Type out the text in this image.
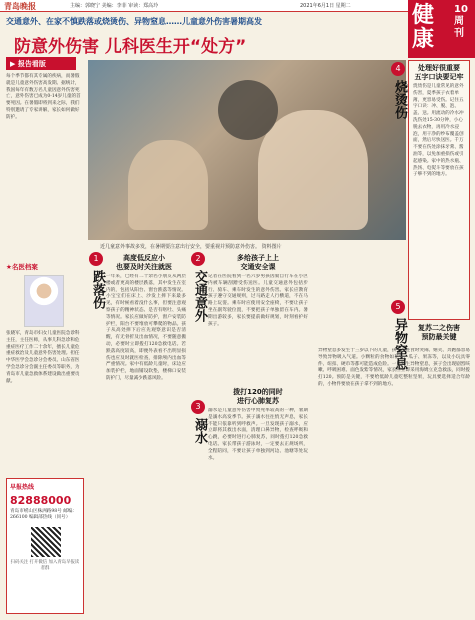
青岛晚报	主编：郭晓宁 美编：李菲 审读：郑高玲	2021年6月1日 星期二	健康
10 周刊
交通意外、在家不慎跌落或烧烫伤、异物窒息……儿童意外伤害暑期高发
防意外伤害 儿科医生开“处方”
▶ 报告看版
每个季节都有其专属的疾病，而暑假就是儿童意外伤害高发期。据统计，我国每年有数万名儿童因意外伤害死亡，意外伤害已成为0-14岁儿童的首要死因。在暑假即将到来之际，我们特别邀请了专家讲解，家长如何做好防护。
近几童意外事故多发，在暑期要注意出行安全，要重视并预防意外伤害。 资料图片
★名医档案
张晓军，青岛市妇女儿童医院急诊科主任，主任医师，从事儿科急诊和危重症医疗工作二十余年，擅长儿童危重症救治及儿童意外伤害处理。担任中华医学会急诊分会委员、山东省医学会急诊分会副主任委员等职务，为青岛市儿童急救体系建设做出重要贡献。
早报热线
82888000
青岛市崂山区株洲路98号 邮编：266100 编辑部热线（同号）
扫码关注 打开微信 加入青岛早报读者群
1
跌落伤
高度低反应小
也要及时关注就医
一年来，已经有二十余名小朋友从两层楼或者更高的楼层跌落，其中发生在室内的，包括从阳台、窗台跌落等情况。小宝宝们在床上、沙发上摔下来最多见，有时候看着没什么事，但要注意观察孩子的精神状态、是否有呕吐、头痛等情况。家长应做好防护，窗户安装防护栏，阳台不要堆放可攀爬的物品。孩子从高处摔下后应先观察意识是否清醒，有无骨折及出血情况，不要随意搬动，必要时立即拨打120急救电话。若跌落高度较高，即便外表看不出明显损伤也应及时就医检查，排除颅内出血等严重情况。家中有低龄儿童时，床边应加装护栏，地面铺设软垫，楼梯口安装防护门，尽量减少跌落风险。
2
交通意外
多给孩子上上
交通安全课
记者在医院看到一名六岁男孩因骑自行车在小区内被车辆刮蹭受伤送医。儿童交通意外包括步行、骑车、乘车时发生的意外伤害。家长应教育孩子遵守交通规则，过马路走人行横道，不在马路上玩耍。乘车时应使用安全座椅，不要让孩子坐在副驾驶位置，不要把孩子单独留在车内。暑期出游较多，家长要提前做好规划，时刻看护好孩子。
3
溺水
拨打120的同时
进行心肺复苏
溺水是儿童意外伤害中致死率较高的一种，暑期是溺水高发季节。孩子溺水往往悄无声息，家长不能只依靠听到呼救声。一旦发现孩子溺水，应立即将其救出水面，清理口鼻异物，检查呼吸和心跳，必要时进行心肺复苏，同时拨打120急救电话。家长带孩子游泳时，一定要去正规场所，全程陪同，不要让孩子单独到河边、池塘等处玩水。
4
烧烫伤
处理好很重要
五字口诀要记牢
烧烫伤是儿童常见的意外伤害，夏季孩子衣着单薄，更容易受伤。记住五字口诀：冲、脱、泡、盖、送。用流动的冷水冲洗伤处15-30分钟，小心脱去衣物，再用冷水浸泡，用干净的纱布覆盖创面，然后尽快送医。千万不要在伤处涂抹牙膏、酱油等，以免加重损伤或引起感染。家中的热水瓶、热汤、电熨斗等要放在孩子够不到的地方。
5
异物窒息	复苏二之伤害
预防最关键
异物窒息多发生于三岁以下的儿童，孩子在进食时哭闹、嬉笑、奔跑都容易导致异物吸入气道。小颗粒的食物如花生、瓜子、果冻等，以及小玩具零件、纽扣、硬币等都可能造成危险。一旦发生异物窒息，孩子会出现剧烈咳嗽、呼吸困难、面色发紫等情况，家长应立即采用海姆立克急救法，同时拨打120。预防是关键，不要给低龄儿童吃整粒坚果，玩具要选择适合年龄的，小物件要放在孩子拿不到的地方。
